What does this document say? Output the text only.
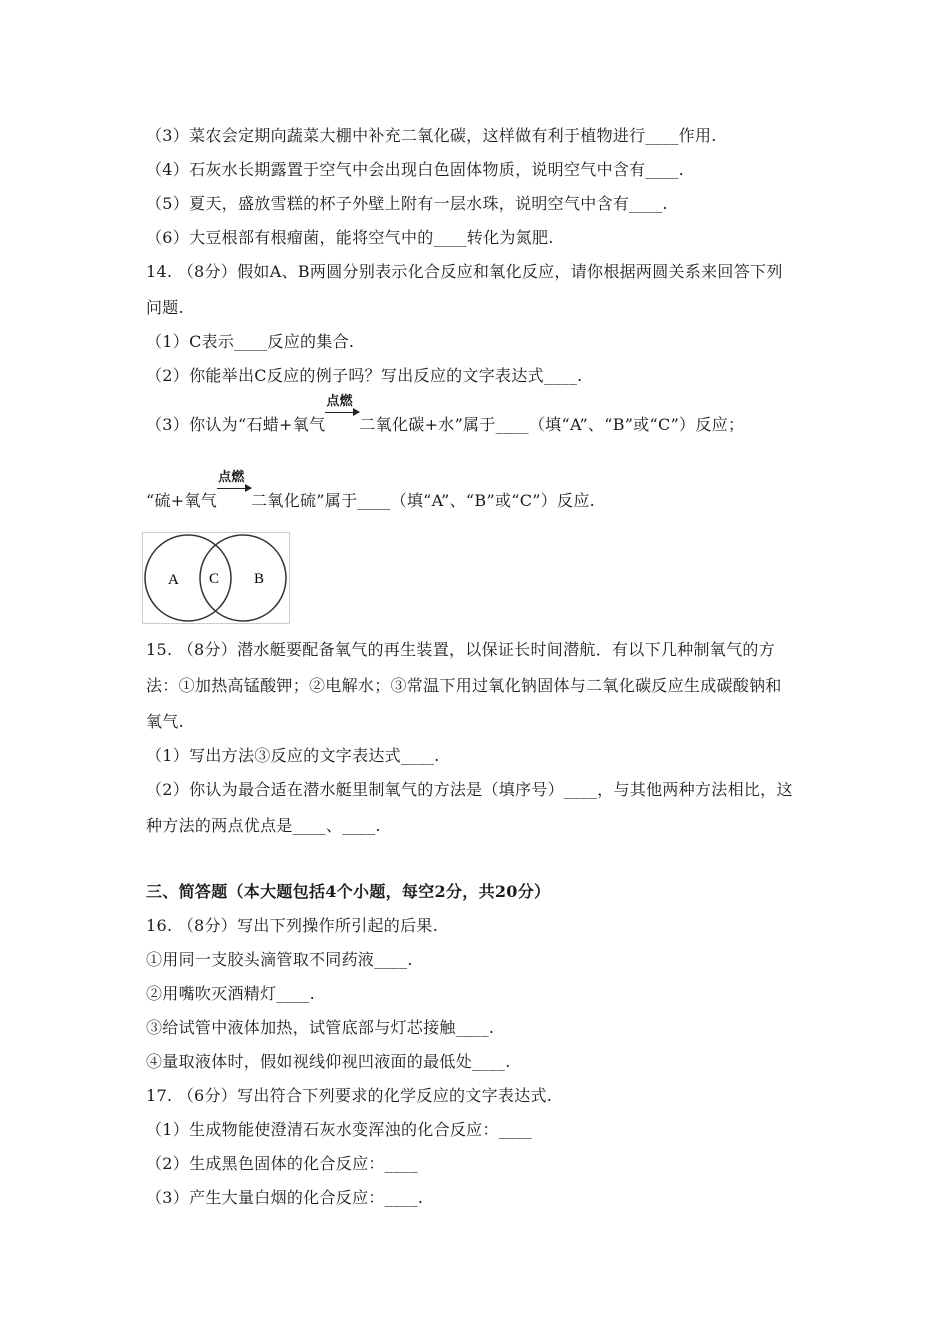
（3）菜农会定期向蔬菜大棚中补充二氧化碳，这样做有利于植物进行____作用.
（4）石灰水长期露置于空气中会出现白色固体物质，说明空气中含有____.
（5）夏天，盛放雪糕的杯子外壁上附有一层水珠，说明空气中含有____.
（6）大豆根部有根瘤菌，能将空气中的____转化为氮肥.
14. （8分）假如A、B两圆分别表示化合反应和氧化反应，请你根据两圆关系来回答下列
问题.
（1）C表示____反应的集合.
（2）你能举出C反应的例子吗？写出反应的文字表达式____.
（3）你认为“石蜡+氧气
点燃
二氧化碳+水”属于____（填“A”、“B”或“C”）反应；
“硫+氧气
点燃
二氧化硫”属于____（填“A”、“B”或“C”）反应.
A C B
15. （8分）潜水艇要配备氧气的再生装置，以保证长时间潜航．有以下几种制氧气的方
法：①加热高锰酸钾；②电解水；③常温下用过氧化钠固体与二氧化碳反应生成碳酸钠和
氧气.
（1）写出方法③反应的文字表达式____.
（2）你认为最合适在潜水艇里制氧气的方法是（填序号）____，与其他两种方法相比，这
种方法的两点优点是____、____.
三、简答题（本大题包括4个小题，每空2分，共20分）
16. （8分）写出下列操作所引起的后果.
①用同一支胶头滴管取不同药液____.
②用嘴吹灭酒精灯____.
③给试管中液体加热，试管底部与灯芯接触____.
④量取液体时，假如视线仰视凹液面的最低处____.
17. （6分）写出符合下列要求的化学反应的文字表达式.
（1）生成物能使澄清石灰水变浑浊的化合反应：____
（2）生成黑色固体的化合反应：____
（3）产生大量白烟的化合反应：____.
